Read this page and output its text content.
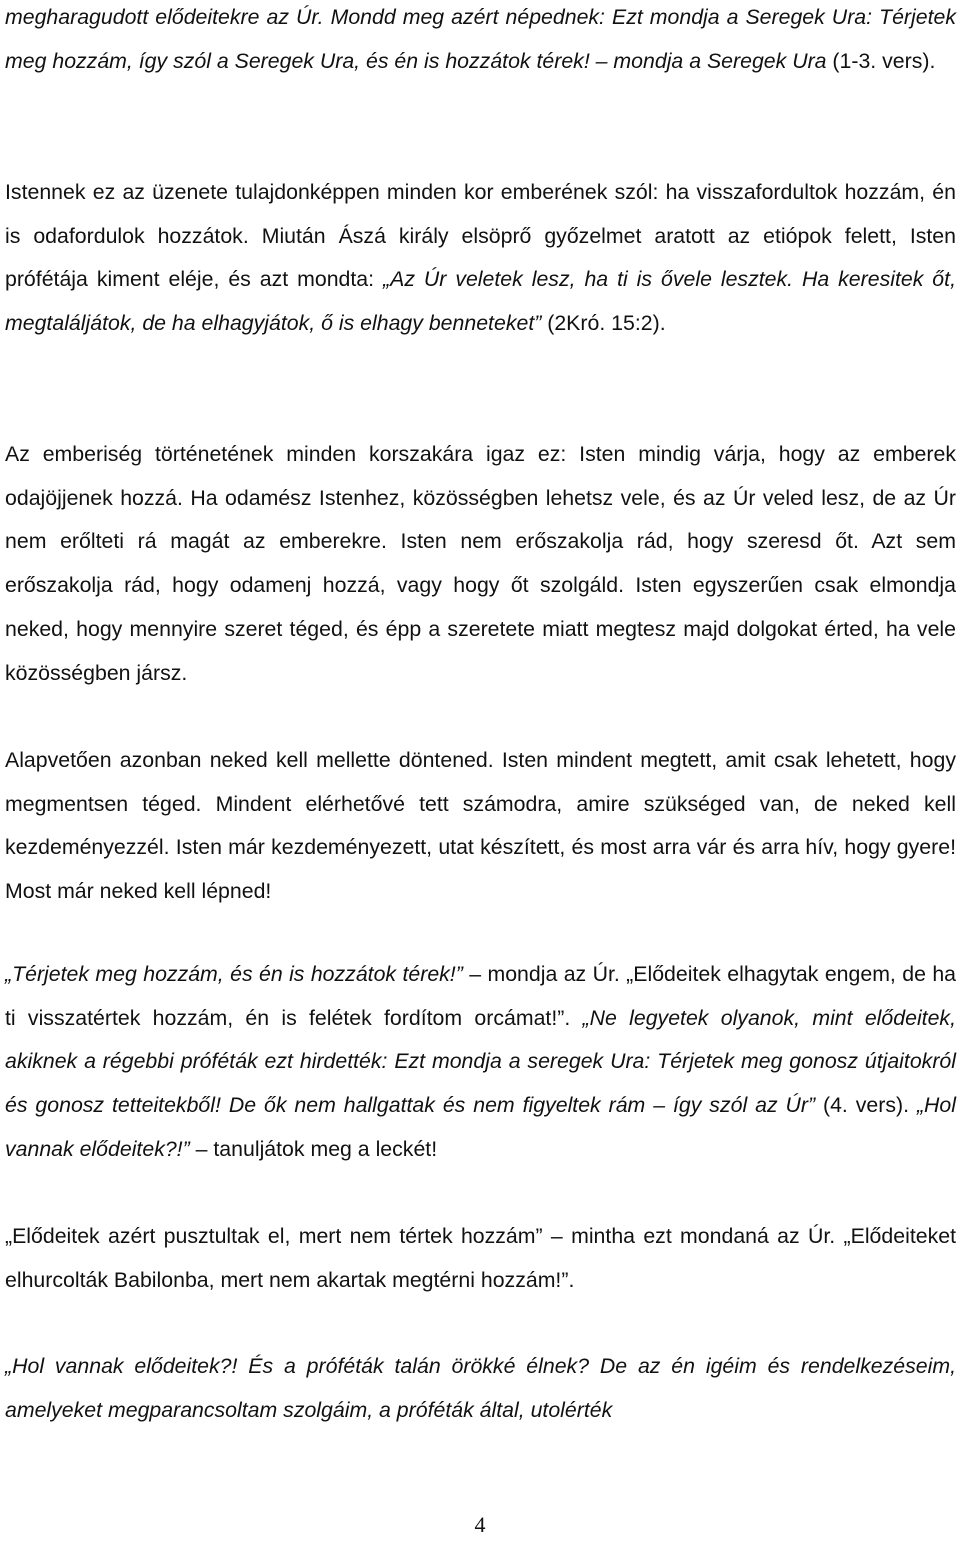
megharagudott elődeitekre az Úr. Mondd meg azért népednek: Ezt mondja a Seregek Ura: Térjetek meg hozzám, így szól a Seregek Ura, és én is hozzátok térek! – mondja a Seregek Ura (1-3. vers).

Istennek ez az üzenete tulajdonképpen minden kor emberének szól: ha visszafordultok hozzám, én is odafordulok hozzátok. Miután Ászá király elsöprő győzelmet aratott az etiópok felett, Isten prófétája kiment eléje, és azt mondta: „Az Úr veletek lesz, ha ti is ővele lesztek. Ha keresitek őt, megtaláljátok, de ha elhagyjátok, ő is elhagy benneteket” (2Kró. 15:2).

Az emberiség történetének minden korszakára igaz ez: Isten mindig várja, hogy az emberek odajöjjenek hozzá. Ha odamész Istenhez, közösségben lehetsz vele, és az Úr veled lesz, de az Úr nem erőlteti rá magát az emberekre. Isten nem erőszakolja rád, hogy szeresd őt. Azt sem erőszakolja rád, hogy odamenj hozzá, vagy hogy őt szolgáld. Isten egyszerűen csak elmondja neked, hogy mennyire szeret téged, és épp a szeretete miatt megtesz majd dolgokat érted, ha vele közösségben jársz.

Alapvetően azonban neked kell mellette döntened. Isten mindent megtett, amit csak lehetett, hogy megmentsen téged. Mindent elérhetővé tett számodra, amire szükséged van, de neked kell kezdeményezzél. Isten már kezdeményezett, utat készített, és most arra vár és arra hív, hogy gyere! Most már neked kell lépned!

„Térjetek meg hozzám, és én is hozzátok térek!” – mondja az Úr. „Elődeitek elhagytak engem, de ha ti visszatértek hozzám, én is felétek fordítom orcámat!”. „Ne legyetek olyanok, mint elődeitek, akiknek a régebbi próféták ezt hirdették: Ezt mondja a seregek Ura: Térjetek meg gonosz útjaitokról és gonosz tetteitekből! De ők nem hallgattak és nem figyeltek rám – így szól az Úr” (4. vers). „Hol vannak elődeitek?!” – tanuljátok meg a leckét!

„Elődeitek azért pusztultak el, mert nem tértek hozzám” – mintha ezt mondaná az Úr. „Elődeiteket elhurcolták Babilonba, mert nem akartak megtérni hozzám!”.

„Hol vannak elődeitek?! És a próféták talán örökké élnek? De az én igéim és rendelkezéseim, amelyeket megparancsoltam szolgáim, a próféták által, utolérték

4
